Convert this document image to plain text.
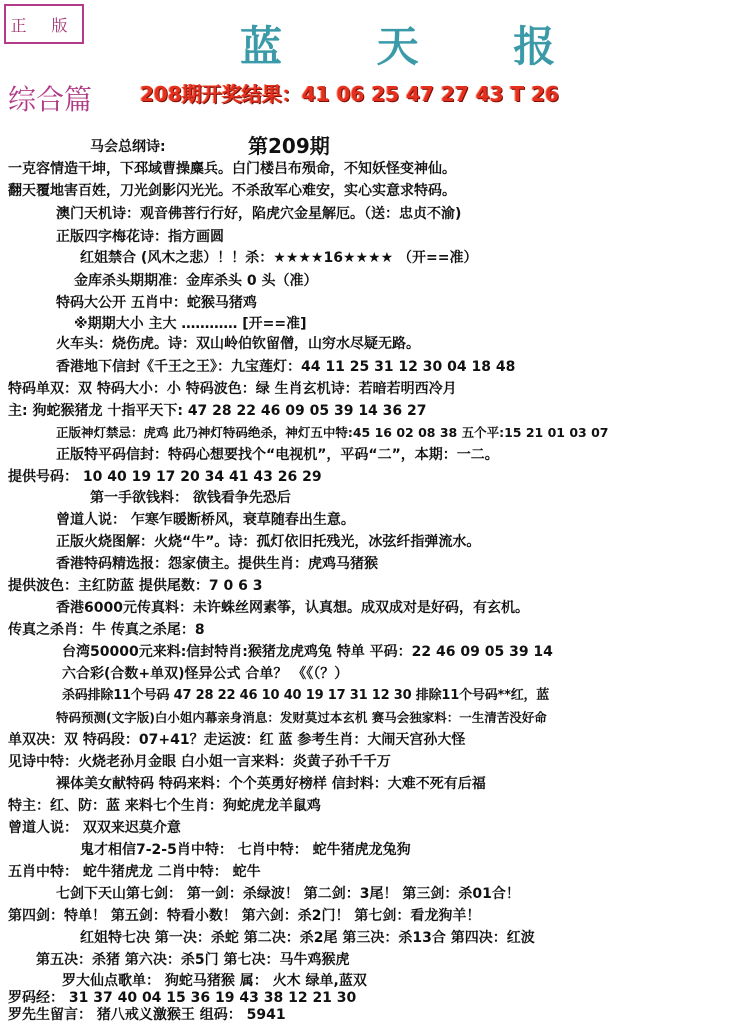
正 版	蓝 天 报
综合篇 208期开奖结果：41 06 25 47 27 43 T 26
第209期
马会总纲诗:
一克容情造干坤，下邳域曹操麋兵。白门楼吕布殒命，不知妖怪变神仙。
翻天覆地害百姓，刀光剑影闪光光。不杀敌军心难安，实心实意求特码。
澳门天机诗：观音佛菩行行好，陷虎穴金星解厄。（送：忠贞不渝)
正版四字梅花诗：指方画圆
红姐禁合 (风木之悲）！！杀：★★★★16★★★★ （开==准）
金库杀头期期准：金库杀头 0 头（准）
特码大公开 五肖中：蛇猴马猪鸡
※期期大小 主大 ………… [开==准]
火车头：烧伤虎。诗：双山岭伯钦留僧，山穷水尽疑无路。
香港地下信封《千王之王》：九宝莲灯：44 11 25 31 12 30 04 18 48
特码单双：双 特码大小：小 特码波色：绿 生肖玄机诗：若暗若明西冷月
主: 狗蛇猴猪龙 十指平天下: 47 28 22 46 09 05 39 14 36 27
正版神灯禁忌：虎鸡 此乃神灯特码绝杀，神灯五中特:45 16 02 08 38 五个平:15 21 01 03 07
正版特平码信封：特码心想要找个“电视机”，平码“二”，本期：一二。
提供号码： 10 40 19 17 20 34 41 43 26 29
第一手欲钱料： 欲钱看争先恐后
曾道人说： 乍寒乍暖断桥风，衰草随春出生意。
正版火烧图解：火烧“牛”。诗：孤灯依旧托残光，冰弦纤指弹流水。
香港特码精选报：怨家债主。提供生肖：虎鸡马猪猴
提供波色：主红防蓝 提供尾数：7 0 6 3
香港6000元传真料：未许蛛丝网素筝，认真想。成双成对是好码，有玄机。
传真之杀肖：牛 传真之杀尾：8
台湾50000元来料:信封特肖:猴猪龙虎鸡兔 特单 平码：22 46 09 05 39 14
六合彩(合数+单双)怪异公式 合单？ 《《（？）
杀码排除11个号码 47 28 22 46 10 40 19 17 31 12 30 排除11个号码**红，蓝
特码预测(文字版)白小姐内幕亲身消息：发财莫过本玄机 赛马会独家料：一生清苦没好命
单双决：双 特码段：07+41？走运波：红 蓝 参考生肖：大闹天宫孙大怪
见诗中特：火烧老孙月金眼 白小姐一言来料：炎黄子孙千千万
裸体美女献特码 特码来料：个个英勇好榜样 信封料：大难不死有后福
特主：红、防：蓝 来料七个生肖：狗蛇虎龙羊鼠鸡
曾道人说： 双双来迟莫介意
鬼才相信7-2-5肖中特： 七肖中特： 蛇牛猪虎龙兔狗
五肖中特： 蛇牛猪虎龙 二肖中特： 蛇牛
七剑下天山第七剑： 第一剑：杀绿波！ 第二剑：3尾！ 第三剑：杀01合！
第四剑：特单！ 第五剑：特看小数！ 第六剑：杀2门！ 第七剑：看龙狗羊！
红姐特七决 第一决：杀蛇 第二决：杀2尾 第三决：杀13合 第四决：红波
第五决：杀猪 第六决：杀5门 第七决：马牛鸡猴虎
罗大仙点歌单： 狗蛇马猪猴 属： 火木 绿单,蓝双
罗码经： 31 37 40 04 15 36 19 43 38 12 21 30
罗先生留言： 猪八戒义激猴王 组码： 5941
